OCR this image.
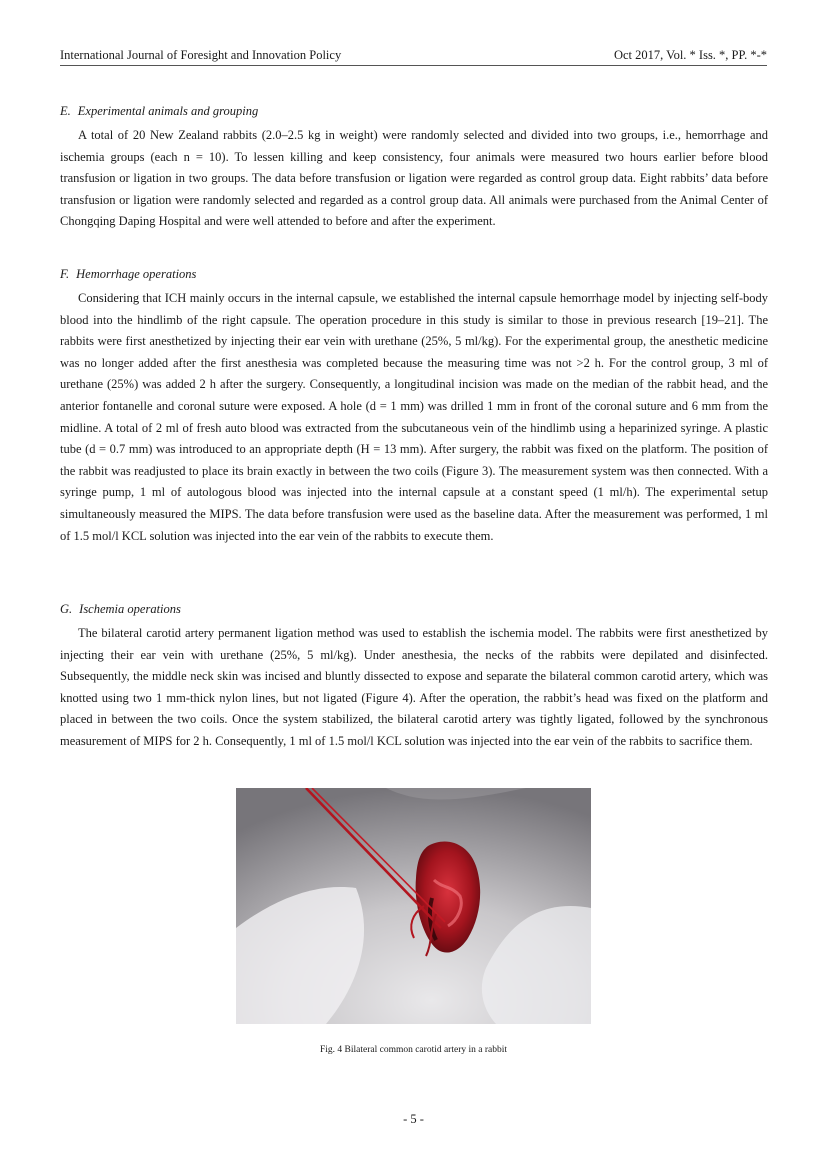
International Journal of Foresight and Innovation Policy	Oct 2017, Vol. * Iss. *, PP. *-*
E. Experimental animals and grouping

A total of 20 New Zealand rabbits (2.0–2.5 kg in weight) were randomly selected and divided into two groups, i.e., hemorrhage and ischemia groups (each n = 10). To lessen killing and keep consistency, four animals were measured two hours earlier before blood transfusion or ligation in two groups. The data before transfusion or ligation were regarded as control group data. Eight rabbits’ data before transfusion or ligation were randomly selected and regarded as a control group data. All animals were purchased from the Animal Center of Chongqing Daping Hospital and were well attended to before and after the experiment.

F. Hemorrhage operations

Considering that ICH mainly occurs in the internal capsule, we established the internal capsule hemorrhage model by injecting self-body blood into the hindlimb of the right capsule. The operation procedure in this study is similar to those in previous research [19–21]. The rabbits were first anesthetized by injecting their ear vein with urethane (25%, 5 ml/kg). For the experimental group, the anesthetic medicine was no longer added after the first anesthesia was completed because the measuring time was not >2 h. For the control group, 3 ml of urethane (25%) was added 2 h after the surgery. Consequently, a longitudinal incision was made on the median of the rabbit head, and the anterior fontanelle and coronal suture were exposed. A hole (d = 1 mm) was drilled 1 mm in front of the coronal suture and 6 mm from the midline. A total of 2 ml of fresh auto blood was extracted from the subcutaneous vein of the hindlimb using a heparinized syringe. A plastic tube (d = 0.7 mm) was introduced to an appropriate depth (H = 13 mm). After surgery, the rabbit was fixed on the platform. The position of the rabbit was readjusted to place its brain exactly in between the two coils (Figure 3). The measurement system was then connected. With a syringe pump, 1 ml of autologous blood was injected into the internal capsule at a constant speed (1 ml/h). The experimental setup simultaneously measured the MIPS. The data before transfusion were used as the baseline data. After the measurement was performed, 1 ml of 1.5 mol/l KCL solution was injected into the ear vein of the rabbits to execute them.

G. Ischemia operations

The bilateral carotid artery permanent ligation method was used to establish the ischemia model. The rabbits were first anesthetized by injecting their ear vein with urethane (25%, 5 ml/kg). Under anesthesia, the necks of the rabbits were depilated and disinfected. Subsequently, the middle neck skin was incised and bluntly dissected to expose and separate the bilateral common carotid artery, which was knotted using two 1 mm-thick nylon lines, but not ligated (Figure 4). After the operation, the rabbit’s head was fixed on the platform and placed in between the two coils. Once the system stabilized, the bilateral carotid artery was tightly ligated, followed by the synchronous measurement of MIPS for 2 h. Consequently, 1 ml of 1.5 mol/l KCL solution was injected into the ear vein of the rabbits to sacrifice them.

Fig. 4 Bilateral common carotid artery in a rabbit
- 5 -
